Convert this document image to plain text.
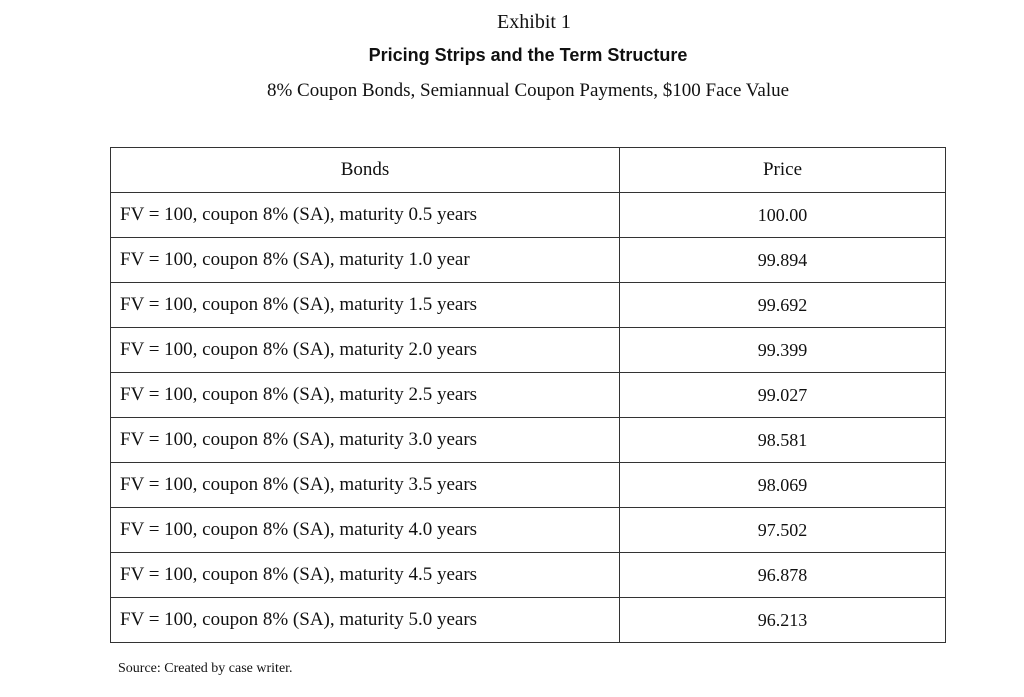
Exhibit 1
Pricing Strips and the Term Structure
8% Coupon Bonds, Semiannual Coupon Payments, $100 Face Value
Bonds	Price
FV = 100, coupon 8% (SA), maturity 0.5 years	100.00
FV = 100, coupon 8% (SA), maturity 1.0 year	99.894
FV = 100, coupon 8% (SA), maturity 1.5 years	99.692
FV = 100, coupon 8% (SA), maturity 2.0 years	99.399
FV = 100, coupon 8% (SA), maturity 2.5 years	99.027
FV = 100, coupon 8% (SA), maturity 3.0 years	98.581
FV = 100, coupon 8% (SA), maturity 3.5 years	98.069
FV = 100, coupon 8% (SA), maturity 4.0 years	97.502
FV = 100, coupon 8% (SA), maturity 4.5 years	96.878
FV = 100, coupon 8% (SA), maturity 5.0 years	96.213
Source: Created by case writer.
